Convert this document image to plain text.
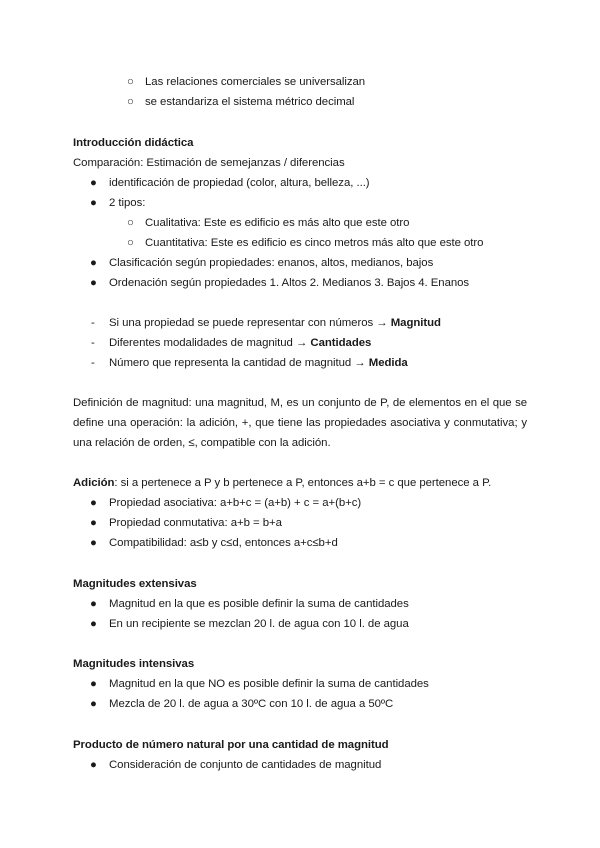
○ Las relaciones comerciales se universalizan
○ se estandariza el sistema métrico decimal
Introducción didáctica
Comparación: Estimación de semejanzas / diferencias
● identificación de propiedad (color, altura, belleza, ...)
● 2 tipos:
○ Cualitativa: Este es edificio es más alto que este otro
○ Cuantitativa: Este es edificio es cinco metros más alto que este otro
● Clasificación según propiedades: enanos, altos, medianos, bajos
● Ordenación según propiedades 1. Altos 2. Medianos 3. Bajos 4. Enanos
- Si una propiedad se puede representar con números → Magnitud
- Diferentes modalidades de magnitud → Cantidades
- Número que representa la cantidad de magnitud → Medida
Definición de magnitud: una magnitud, M, es un conjunto de P, de elementos en el que se define una operación: la adición, +, que tiene las propiedades asociativa y conmutativa; y una relación de orden, ≤, compatible con la adición.
Adición: si a pertenece a P y b pertenece a P, entonces a+b = c que pertenece a P.
● Propiedad asociativa: a+b+c = (a+b) + c = a+(b+c)
● Propiedad conmutativa: a+b = b+a
● Compatibilidad: a≤b y c≤d, entonces a+c≤b+d
Magnitudes extensivas
● Magnitud en la que es posible definir la suma de cantidades
● En un recipiente se mezclan 20 l. de agua con 10 l. de agua
Magnitudes intensivas
● Magnitud en la que NO es posible definir la suma de cantidades
● Mezcla de 20 l. de agua a 30ºC con 10 l. de agua a 50ºC
Producto de número natural por una cantidad de magnitud
● Consideración de conjunto de cantidades de magnitud
